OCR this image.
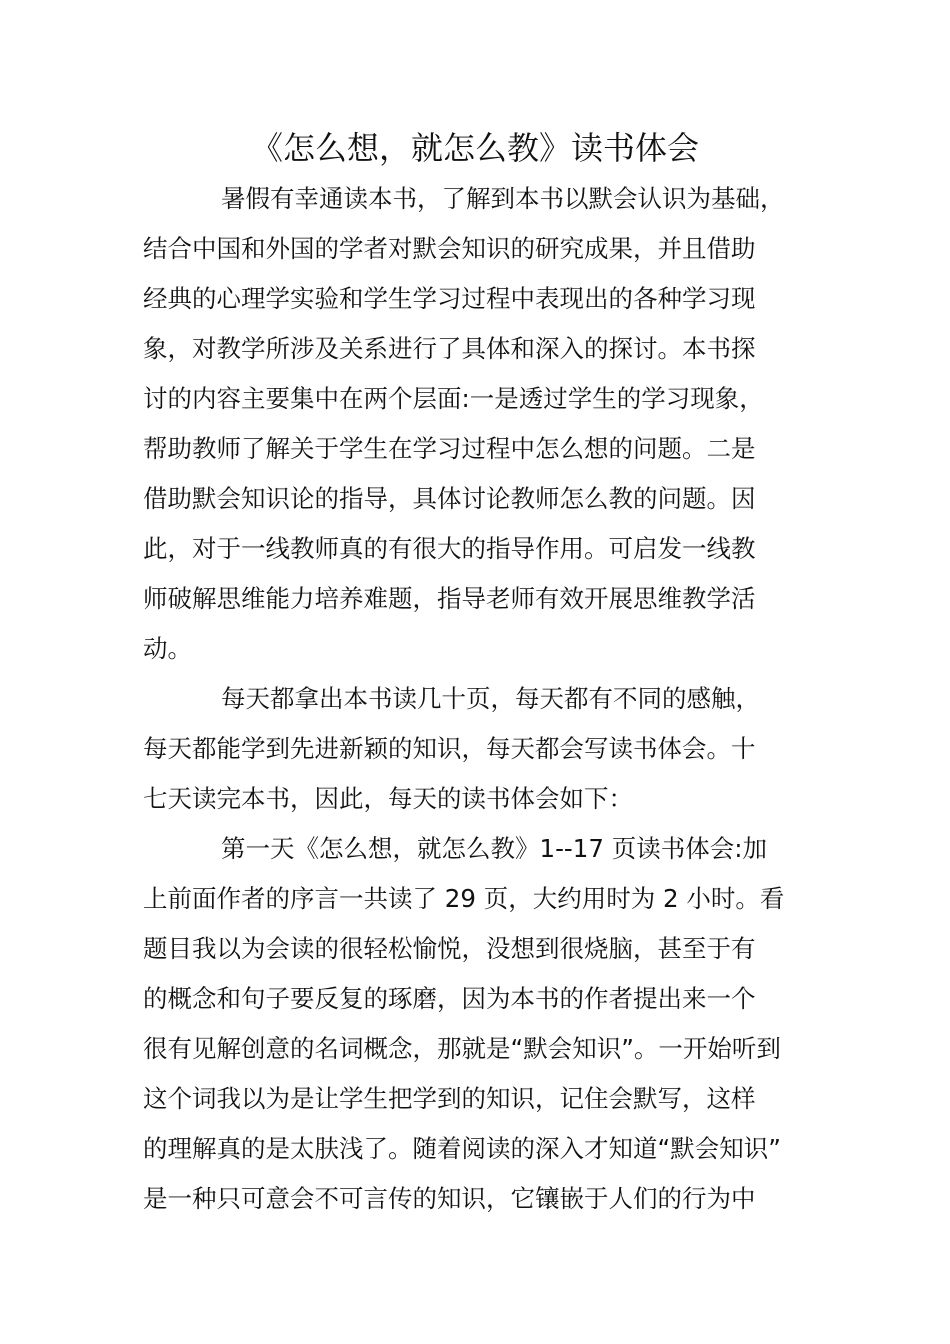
《怎么想，就怎么教》读书体会
暑假有幸通读本书，了解到本书以默会认识为基础，
结合中国和外国的学者对默会知识的研究成果，并且借助
经典的心理学实验和学生学习过程中表现出的各种学习现
象，对教学所涉及关系进行了具体和深入的探讨。本书探
讨的内容主要集中在两个层面:一是透过学生的学习现象，
帮助教师了解关于学生在学习过程中怎么想的问题。二是
借助默会知识论的指导，具体讨论教师怎么教的问题。因
此，对于一线教师真的有很大的指导作用。可启发一线教
师破解思维能力培养难题，指导老师有效开展思维教学活
动。
每天都拿出本书读几十页，每天都有不同的感触，
每天都能学到先进新颖的知识，每天都会写读书体会。十
七天读完本书，因此，每天的读书体会如下：
第一天《怎么想，就怎么教》1--17 页读书体会:加
上前面作者的序言一共读了 29 页，大约用时为 2 小时。看
题目我以为会读的很轻松愉悦，没想到很烧脑，甚至于有
的概念和句子要反复的琢磨，因为本书的作者提出来一个
很有见解创意的名词概念，那就是“默会知识”。一开始听到
这个词我以为是让学生把学到的知识，记住会默写，这样
的理解真的是太肤浅了。随着阅读的深入才知道“默会知识”
是一种只可意会不可言传的知识，它镶嵌于人们的行为中
